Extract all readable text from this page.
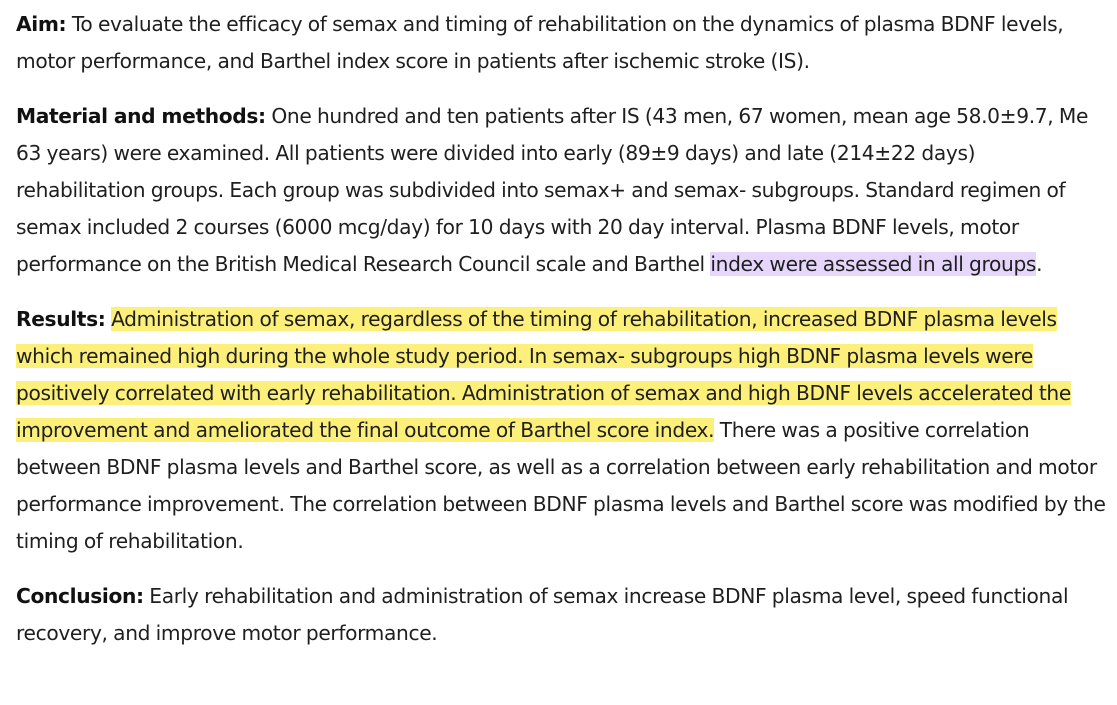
Aim: To evaluate the efficacy of semax and timing of rehabilitation on the dynamics of plasma BDNF levels, motor performance, and Barthel index score in patients after ischemic stroke (IS).

Material and methods: One hundred and ten patients after IS (43 men, 67 women, mean age 58.0±9.7, Me 63 years) were examined. All patients were divided into early (89±9 days) and late (214±22 days) rehabilitation groups. Each group was subdivided into semax+ and semax- subgroups. Standard regimen of semax included 2 courses (6000 mcg/day) for 10 days with 20 day interval. Plasma BDNF levels, motor performance on the British Medical Research Council scale and Barthel index were assessed in all groups.

Results: Administration of semax, regardless of the timing of rehabilitation, increased BDNF plasma levels which remained high during the whole study period. In semax- subgroups high BDNF plasma levels were positively correlated with early rehabilitation. Administration of semax and high BDNF levels accelerated the improvement and ameliorated the final outcome of Barthel score index. There was a positive correlation between BDNF plasma levels and Barthel score, as well as a correlation between early rehabilitation and motor performance improvement. The correlation between BDNF plasma levels and Barthel score was modified by the timing of rehabilitation.

Conclusion: Early rehabilitation and administration of semax increase BDNF plasma level, speed functional recovery, and improve motor performance.
